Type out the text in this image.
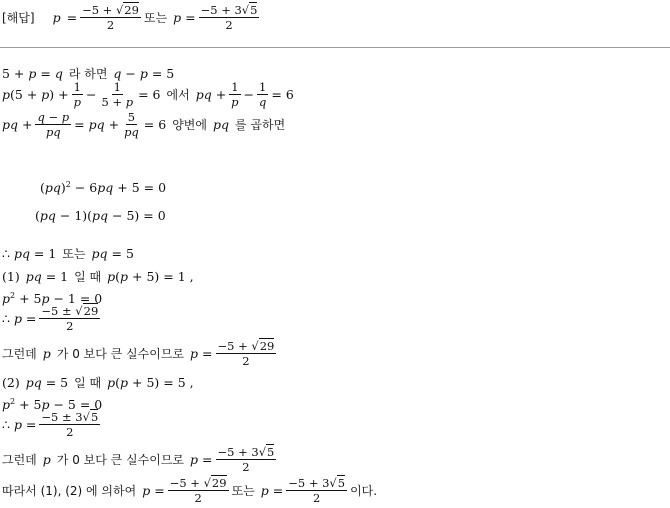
[해답] $p = \frac{-5 + √29}{2}$ 또는 $p = \frac{-5 + 3√5}{2}$
5 + p = q 라 하면 q − p = 5
$p(5 + p) + \frac{1}{p} - \frac{1}{5 + p} = 6$ 에서 pq + $\frac{1}{p} - \frac{1}{q} = 6$
pq + $\frac{q - p}{pq}$ = pq + $\frac{5}{pq} = 6$ 양변에 pq 를 곱하면
(pq)$^2$ − 6pq + 5 = 0
(pq − 1)(pq − 5) = 0
∴ pq = 1 또는 pq = 5
(1) pq = 1 일 때 p(p + 5) = 1 ,
$p^2 + 5p - 1 = 0$
∴ $p = \frac{-5 \pm √29}{2}$
그런데 p 가 0 보다 큰 실수이므로 $p = \frac{-5 + √29}{2}$
(2) pq = 5 일 때 p(p + 5) = 5 ,
$p^2 + 5p - 5 = 0$
∴ $p = \frac{-5 \pm 3√5}{2}$
그런데 p 가 0 보다 큰 실수이므로 $p = \frac{-5 + 3√5}{2}$
따라서 (1), (2) 에 의하여 $p = \frac{-5 + √29}{2}$ 또는 $p = \frac{-5 + 3√5}{2}$ 이다.
